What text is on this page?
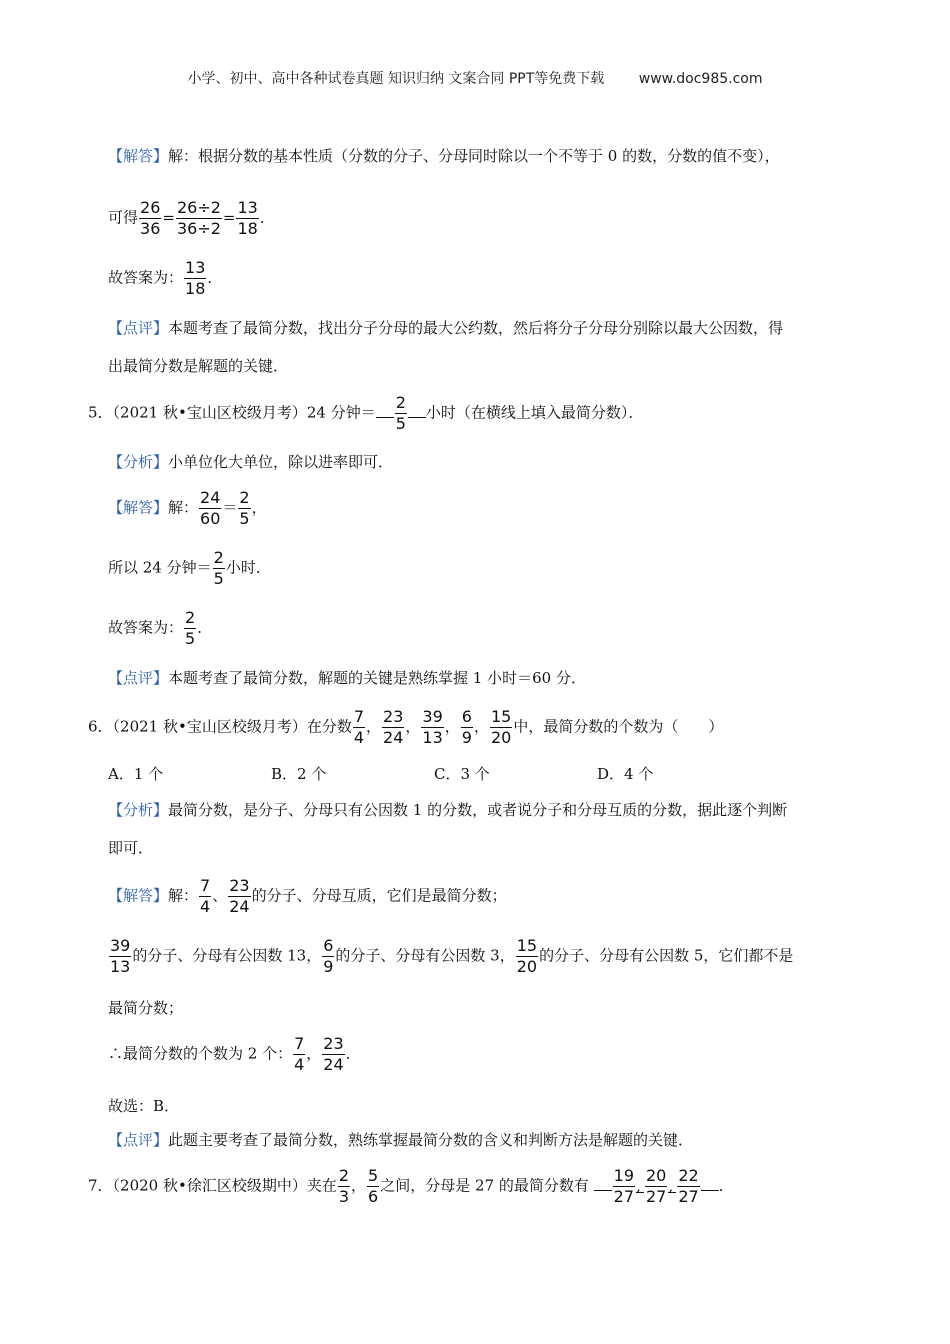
小学、初中、高中各种试卷真题 知识归纳 文案合同 PPT等免费下载 www.doc985.com
【解答】解：根据分数的基本性质（分数的分子、分母同时除以一个不等于 0 的数，分数的值不变），
可得 $\frac{26}{36} = \frac{26\div 2}{36\div 2} = \frac{13}{18}$ ．
故答案为： $\frac{13}{18}$ ．
【点评】本题考查了最简分数，找出分子分母的最大公约数，然后将分子分母分别除以最大公因数，得
出最简分数是解题的关键．
5．（2021 秋•宝山区校级月考）24 分钟＝ $\frac{2}{5}$ 小时（在横线上填入最简分数）．
【分析】小单位化大单位，除以进率即可．
【解答】解： $\frac{24}{60} = \frac{2}{5}$ ，
所以 24 分钟＝ $\frac{2}{5}$ 小时．
故答案为： $\frac{2}{5}$ ．
【点评】本题考查了最简分数，解题的关键是熟练掌握 1 小时＝60 分．
6．（2021 秋•宝山区校级月考）在分数 $\frac{7}{4}$ ， $\frac{23}{24}$ ， $\frac{39}{13}$ ， $\frac{6}{9}$ ， $\frac{15}{20}$ 中，最简分数的个数为（　　）
A．1 个	B．2 个	C．3 个	D．4 个
【分析】最简分数，是分子、分母只有公因数 1 的分数，或者说分子和分母互质的分数，据此逐个判断
即可．
【解答】解： $\frac{7}{4}$ 、 $\frac{23}{24}$ 的分子、分母互质，它们是最简分数；
$\frac{39}{13}$ 的分子、分母有公因数 13， $\frac{6}{9}$ 的分子、分母有公因数 3， $\frac{15}{20}$ 的分子、分母有公因数 5，它们都不是
最简分数；
∴最简分数的个数为 2 个： $\frac{7}{4}$ ， $\frac{23}{24}$ ．
故选：B．
【点评】此题主要考查了最简分数，熟练掌握最简分数的含义和判断方法是解题的关键．
7．（2020 秋•徐汇区校级期中）夹在 $\frac{2}{3}$ ， $\frac{5}{6}$ 之间，分母是 27 的最简分数有 $\frac{19}{27}$ , $\frac{20}{27}$ , $\frac{22}{27}$ ．
